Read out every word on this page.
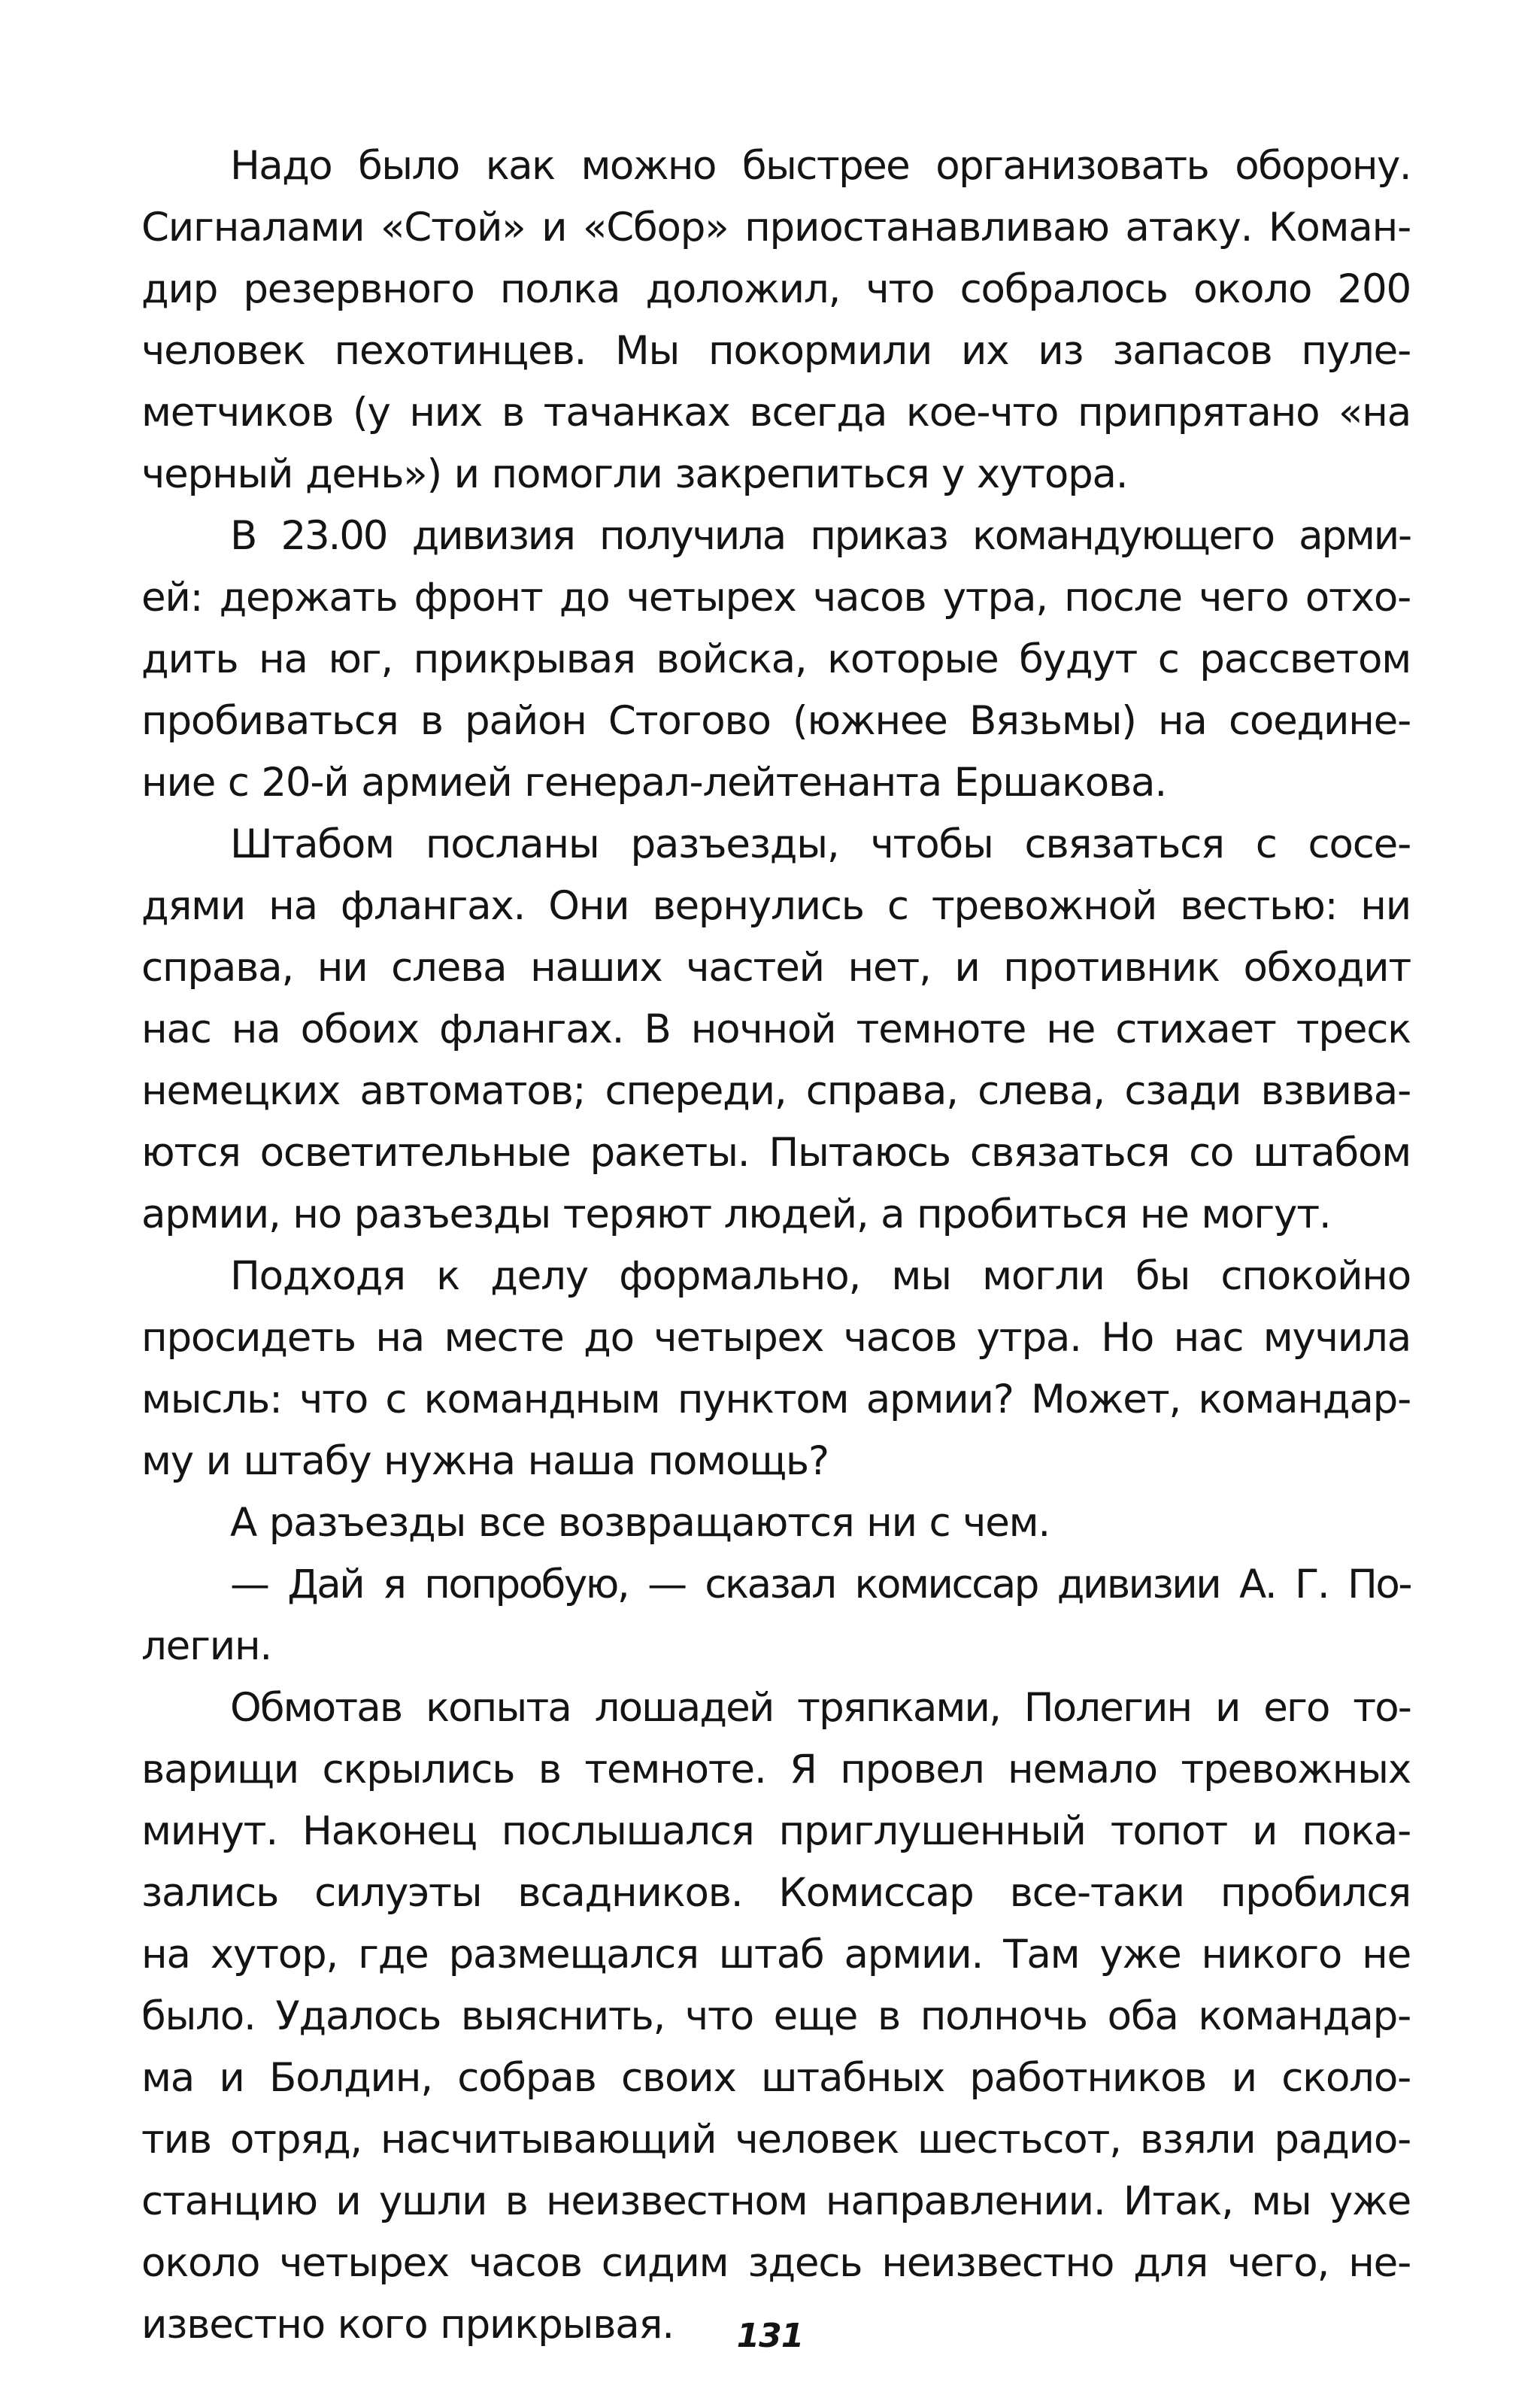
Надо было как можно быстрее организовать оборону.
Сигналами «Стой» и «Сбор» приостанавливаю атаку. Коман-
дир резервного полка доложил, что собралось около 200
человек пехотинцев. Мы покормили их из запасов пуле-
метчиков (у них в тачанках всегда кое-что припрятано «на
черный день») и помогли закрепиться у хутора.
В 23.00 дивизия получила приказ командующего арми-
ей: держать фронт до четырех часов утра, после чего отхо-
дить на юг, прикрывая войска, которые будут с рассветом
пробиваться в район Стогово (южнее Вязьмы) на соедине-
ние с 20-й армией генерал-лейтенанта Ершакова.
Штабом посланы разъезды, чтобы связаться с сосе-
дями на флангах. Они вернулись с тревожной вестью: ни
справа, ни слева наших частей нет, и противник обходит
нас на обоих флангах. В ночной темноте не стихает треск
немецких автоматов; спереди, справа, слева, сзади взвива-
ются осветительные ракеты. Пытаюсь связаться со штабом
армии, но разъезды теряют людей, а пробиться не могут.
Подходя к делу формально, мы могли бы спокойно
просидеть на месте до четырех часов утра. Но нас мучила
мысль: что с командным пунктом армии? Может, командар-
му и штабу нужна наша помощь?
А разъезды все возвращаются ни с чем.
— Дай я попробую, — сказал комиссар дивизии А. Г. По-
легин.
Обмотав копыта лошадей тряпками, Полегин и его то-
варищи скрылись в темноте. Я провел немало тревожных
минут. Наконец послышался приглушенный топот и пока-
зались силуэты всадников. Комиссар все-таки пробился
на хутор, где размещался штаб армии. Там уже никого не
было. Удалось выяснить, что еще в полночь оба командар-
ма и Болдин, собрав своих штабных работников и сколо-
тив отряд, насчитывающий человек шестьсот, взяли радио-
станцию и ушли в неизвестном направлении. Итак, мы уже
около четырех часов сидим здесь неизвестно для чего, не-
известно кого прикрывая.	131
